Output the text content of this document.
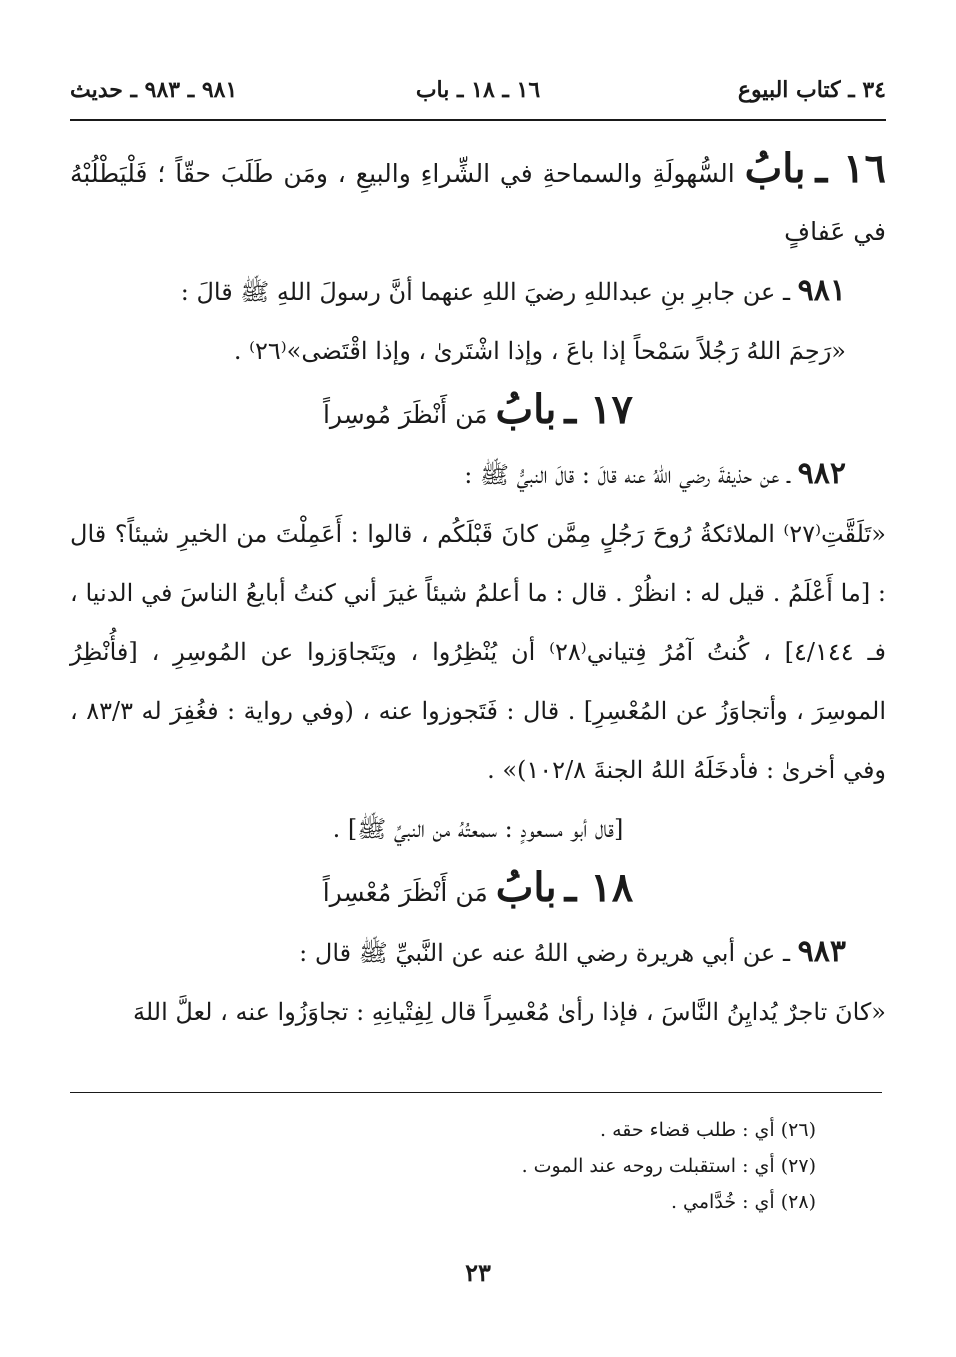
٣٤ ـ كتاب البيوع
١٦ ـ ١٨ ـ باب
٩٨١ ـ ٩٨٣ ـ حديث

١٦ ـ بابُ السُّهولَةِ والسماحةِ في الشِّراءِ والبيعِ ، ومَن طَلَبَ حقّاً ؛ فَلْيَطْلُبْهُ في عَفافٍ

٩٨١ ـ عن جابرِ بنِ عبداللهِ رضيَ اللهِ عنهما أنَّ رسولَ اللهِ ﷺ قالَ :

«رَحِمَ اللهُ رَجُلاً سَمْحاً إذا باعَ ، وإذا اشْتَرىٰ ، وإذا اقْتَضى»⁽٢٦⁾ .

١٧ ـ بابُ مَن أَنْظَرَ مُوسِراً

٩٨٢ ـ عن حذيفةَ رضي اللهُ عنه قالَ : قالَ النبيُّ ﷺ :

«تَلَقَّتِ⁽٢٧⁾ الملائكةُ رُوحَ رَجُلٍ مِمَّن كانَ قَبْلَكُم ، قالوا : أَعَمِلْتَ من الخيرِ شيئاً؟ قال : [ما أَعْلَمُ . قيل له : انظُرْ . قال : ما أعلمُ شيئاً غيرَ أني كنتُ أبايعُ الناسَ في الدنيا ، فـ ٤/١٤٤] ، كُنتُ آمُرُ فِتياني⁽٢٨⁾ أن يُنْظِرُوا ، ويَتَجاوَزوا عن المُوسِرِ ، [فأُنْظِرُ الموسِرَ ، وأتجاوَزُ عن المُعْسِرِ] . قال : فَتَجوزوا عنه ، (وفي رواية : فغُفِرَ له ٨٣/٣ ، وفي أخرىٰ : فأدخَلَهُ اللهُ الجنةَ ١٠٢/٨)» .

[قال أبو مسعودٍ : سمعتُهُ من النبيِّ ﷺ] .

١٨ ـ بابُ مَن أَنْظَرَ مُعْسِراً

٩٨٣ ـ عن أبي هريرة رضي اللهُ عنه عن النَّبيِّ ﷺ قال :

«كانَ تاجرٌ يُدايِنُ النَّاسَ ، فإذا رأىٰ مُعْسِراً قال لِفِتْيانِهِ : تجاوَزُوا عنه ، لعلَّ اللهَ

(٢٦) أي : طلب قضاء حقه .

(٢٧) أي : استقبلت روحه عند الموت .

(٢٨) أي : خُدَّامي .

٢٣
